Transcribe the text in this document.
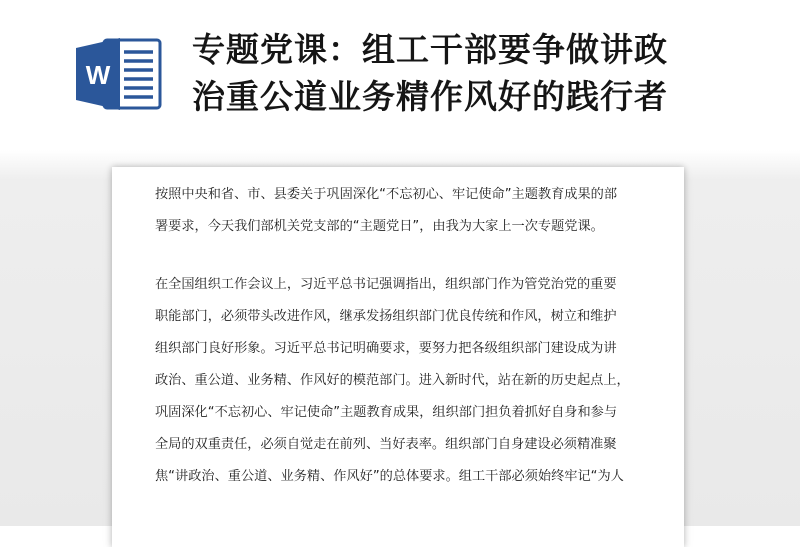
W
专题党课：组工干部要争做讲政
治重公道业务精作风好的践行者
按照中央和省、市、县委关于巩固深化“不忘初心、牢记使命”主题教育成果的部
署要求，今天我们部机关党支部的“主题党日”，由我为大家上一次专题党课。
在全国组织工作会议上，习近平总书记强调指出，组织部门作为管党治党的重要
职能部门，必须带头改进作风，继承发扬组织部门优良传统和作风，树立和维护
组织部门良好形象。习近平总书记明确要求，要努力把各级组织部门建设成为讲
政治、重公道、业务精、作风好的模范部门。进入新时代，站在新的历史起点上，
巩固深化“不忘初心、牢记使命”主题教育成果，组织部门担负着抓好自身和参与
全局的双重责任，必须自觉走在前列、当好表率。组织部门自身建设必须精准聚
焦“讲政治、重公道、业务精、作风好”的总体要求。组工干部必须始终牢记“为人
